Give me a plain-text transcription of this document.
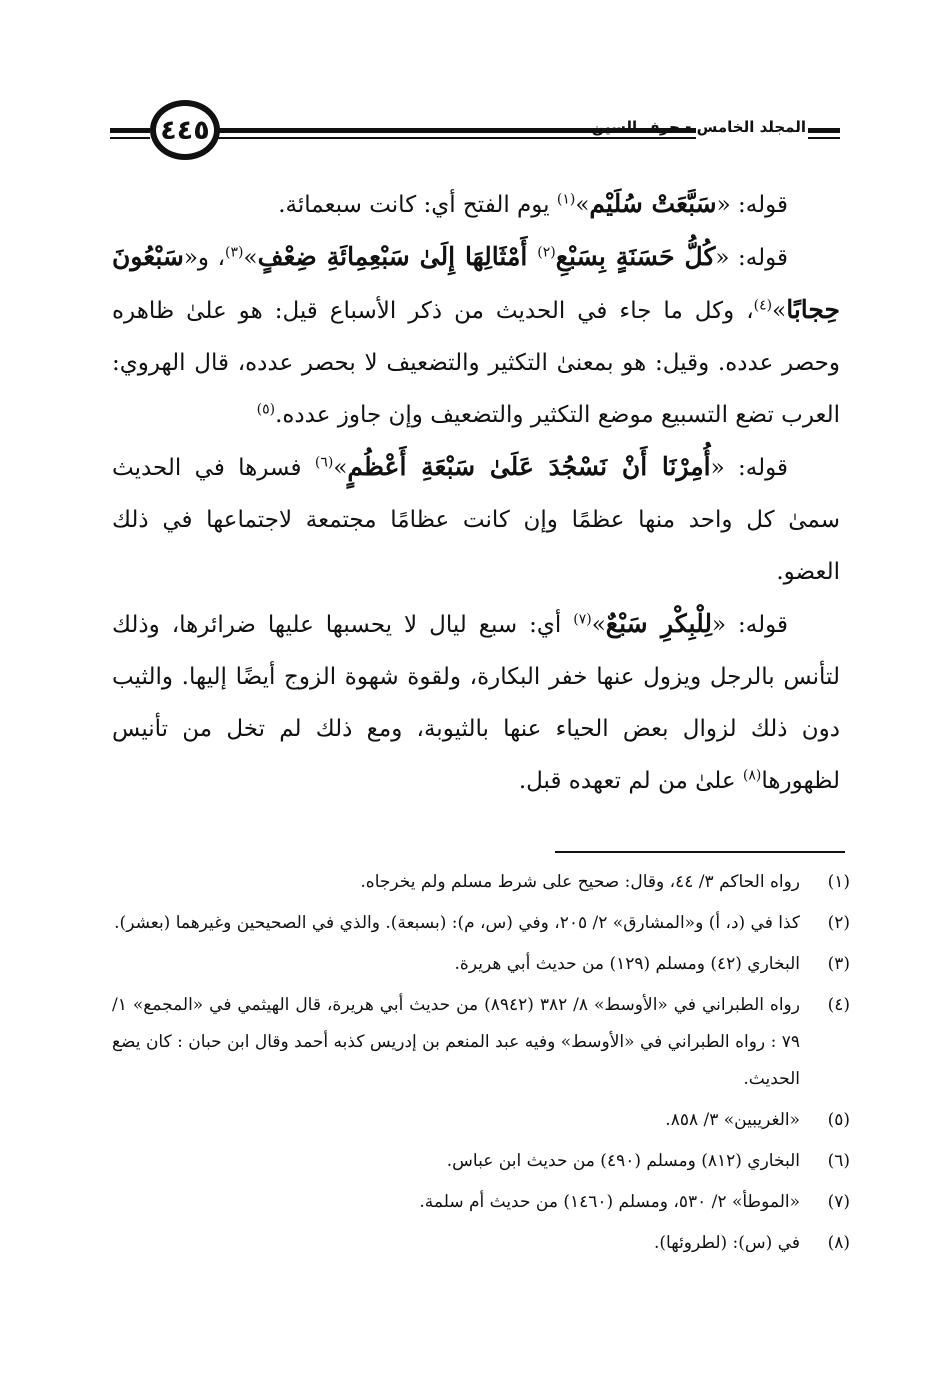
٤٤٥	المجلد الخامس - حرف السين

قوله: «سَبَّعَتْ سُلَيْم»$^{(١)}$ يوم الفتح أي: كانت سبعمائة.

قوله: «كُلُّ حَسَنَةٍ بِسَبْعِ$^{(٢)}$ أَمْثَالِهَا إِلَىٰ سَبْعِمِائَةِ ضِعْفٍ»$^{(٣)}$، و«سَبْعُونَ حِجابًا»$^{(٤)}$، وكل ما جاء في الحديث من ذكر الأسباع قيل: هو علىٰ ظاهره وحصر عدده. وقيل: هو بمعنىٰ التكثير والتضعيف لا بحصر عدده، قال الهروي: العرب تضع التسبيع موضع التكثير والتضعيف وإن جاوز عدده.$^{(٥)}$

قوله: «أُمِرْنَا أَنْ نَسْجُدَ عَلَىٰ سَبْعَةِ أَعْظُمٍ»$^{(٦)}$ فسرها في الحديث سمىٰ كل واحد منها عظمًا وإن كانت عظامًا مجتمعة لاجتماعها في ذلك العضو.

قوله: «لِلْبِكْرِ سَبْعٌ»$^{(٧)}$ أي: سبع ليال لا يحسبها عليها ضرائرها، وذلك لتأنس بالرجل ويزول عنها خفر البكارة، ولقوة شهوة الزوج أيضًا إليها. والثيب دون ذلك لزوال بعض الحياء عنها بالثيوبة، ومع ذلك لم تخل من تأنيس لظهورها$^{(٨)}$ علىٰ من لم تعهده قبل.

(١)
رواه الحاكم ٣/ ٤٤، وقال: صحيح على شرط مسلم ولم يخرجاه.
(٢)
كذا في (د، أ) و«المشارق» ٢/ ٢٠٥، وفي (س، م): (بسبعة). والذي في الصحيحين وغيرهما (بعشر).
(٣)
البخاري (٤٢) ومسلم (١٢٩) من حديث أبي هريرة.
(٤)
رواه الطبراني في «الأوسط» ٨/ ٣٨٢ (٨٩٤٢) من حديث أبي هريرة، قال الهيثمي في «المجمع» ١/ ٧٩ : رواه الطبراني في «الأوسط» وفيه عبد المنعم بن إدريس كذبه أحمد وقال ابن حبان : كان يضع الحديث.
(٥)
«الغريبين» ٣/ ٨٥٨.
(٦)
البخاري (٨١٢) ومسلم (٤٩٠) من حديث ابن عباس.
(٧)
«الموطأ» ٢/ ٥٣٠، ومسلم (١٤٦٠) من حديث أم سلمة.
(٨)
في (س): (لطروئها).
